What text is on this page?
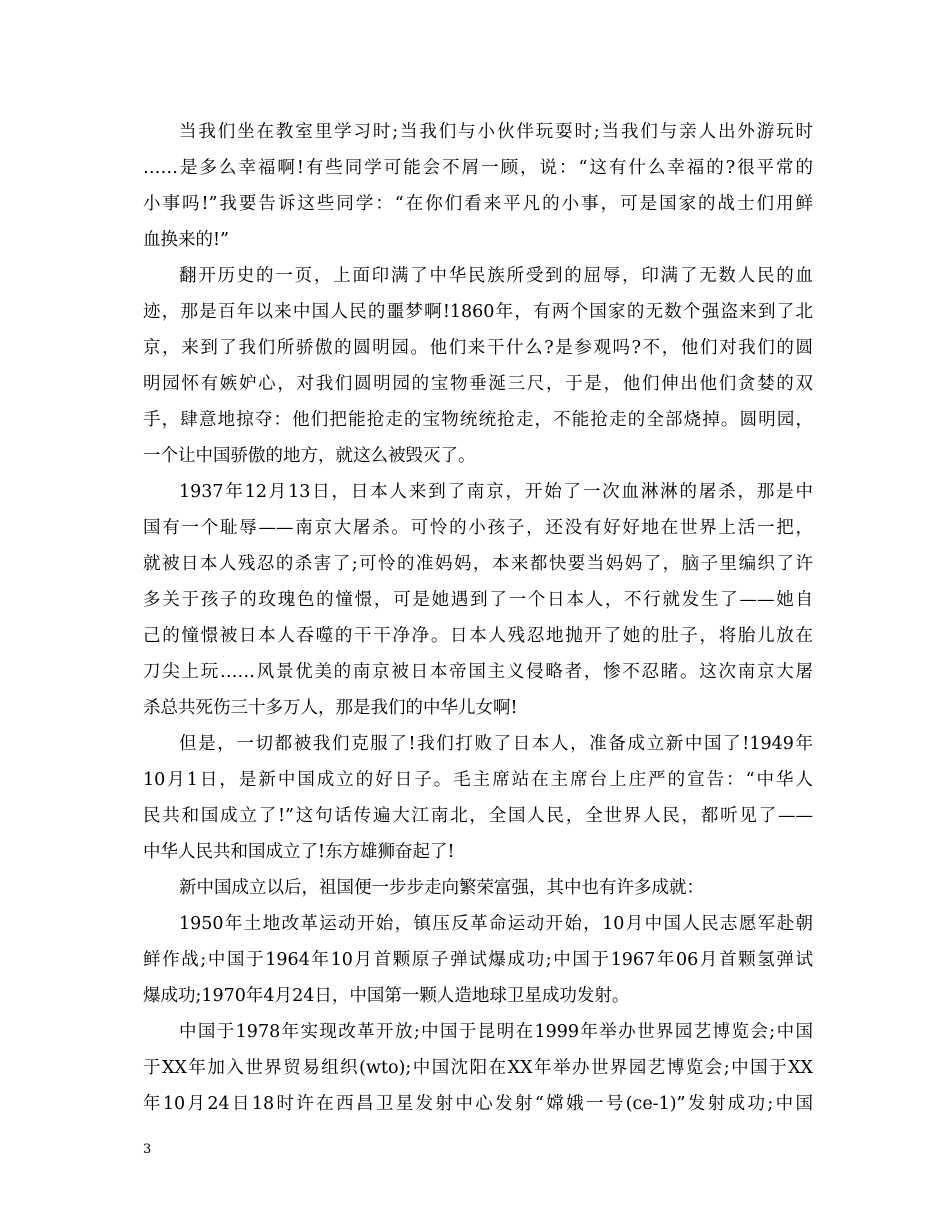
当我们坐在教室里学习时;当我们与小伙伴玩耍时;当我们与亲人出外游玩时
……是多么幸福啊!有些同学可能会不屑一顾，说：“这有什么幸福的?很平常的
小事吗!”我要告诉这些同学：“在你们看来平凡的小事，可是国家的战士们用鲜
血换来的!”
翻开历史的一页，上面印满了中华民族所受到的屈辱，印满了无数人民的血
迹，那是百年以来中国人民的噩梦啊!1860年，有两个国家的无数个强盗来到了北
京，来到了我们所骄傲的圆明园。他们来干什么?是参观吗?不，他们对我们的圆
明园怀有嫉妒心，对我们圆明园的宝物垂涎三尺，于是，他们伸出他们贪婪的双
手，肆意地掠夺：他们把能抢走的宝物统统抢走，不能抢走的全部烧掉。圆明园，
一个让中国骄傲的地方，就这么被毁灭了。
1937年12月13日，日本人来到了南京，开始了一次血淋淋的屠杀，那是中
国有一个耻辱——南京大屠杀。可怜的小孩子，还没有好好地在世界上活一把，
就被日本人残忍的杀害了;可怜的准妈妈，本来都快要当妈妈了，脑子里编织了许
多关于孩子的玫瑰色的憧憬，可是她遇到了一个日本人，不行就发生了——她自
己的憧憬被日本人吞噬的干干净净。日本人残忍地抛开了她的肚子，将胎儿放在
刀尖上玩……风景优美的南京被日本帝国主义侵略者，惨不忍睹。这次南京大屠
杀总共死伤三十多万人，那是我们的中华儿女啊!
但是，一切都被我们克服了!我们打败了日本人，准备成立新中国了!1949年
10月1日，是新中国成立的好日子。毛主席站在主席台上庄严的宣告：“中华人
民共和国成立了!”这句话传遍大江南北，全国人民，全世界人民，都听见了——
中华人民共和国成立了!东方雄狮奋起了!
新中国成立以后，祖国便一步步走向繁荣富强，其中也有许多成就：
1950年土地改革运动开始，镇压反革命运动开始，10月中国人民志愿军赴朝
鲜作战;中国于1964年10月首颗原子弹试爆成功;中国于1967年06月首颗氢弹试
爆成功;1970年4月24日，中国第一颗人造地球卫星成功发射。
中国于1978年实现改革开放;中国于昆明在1999年举办世界园艺博览会;中国
于XX年加入世界贸易组织(wto);中国沈阳在XX年举办世界园艺博览会;中国于XX
年10月24日18时许在西昌卫星发射中心发射“嫦娥一号(ce-1)”发射成功;中国
3
